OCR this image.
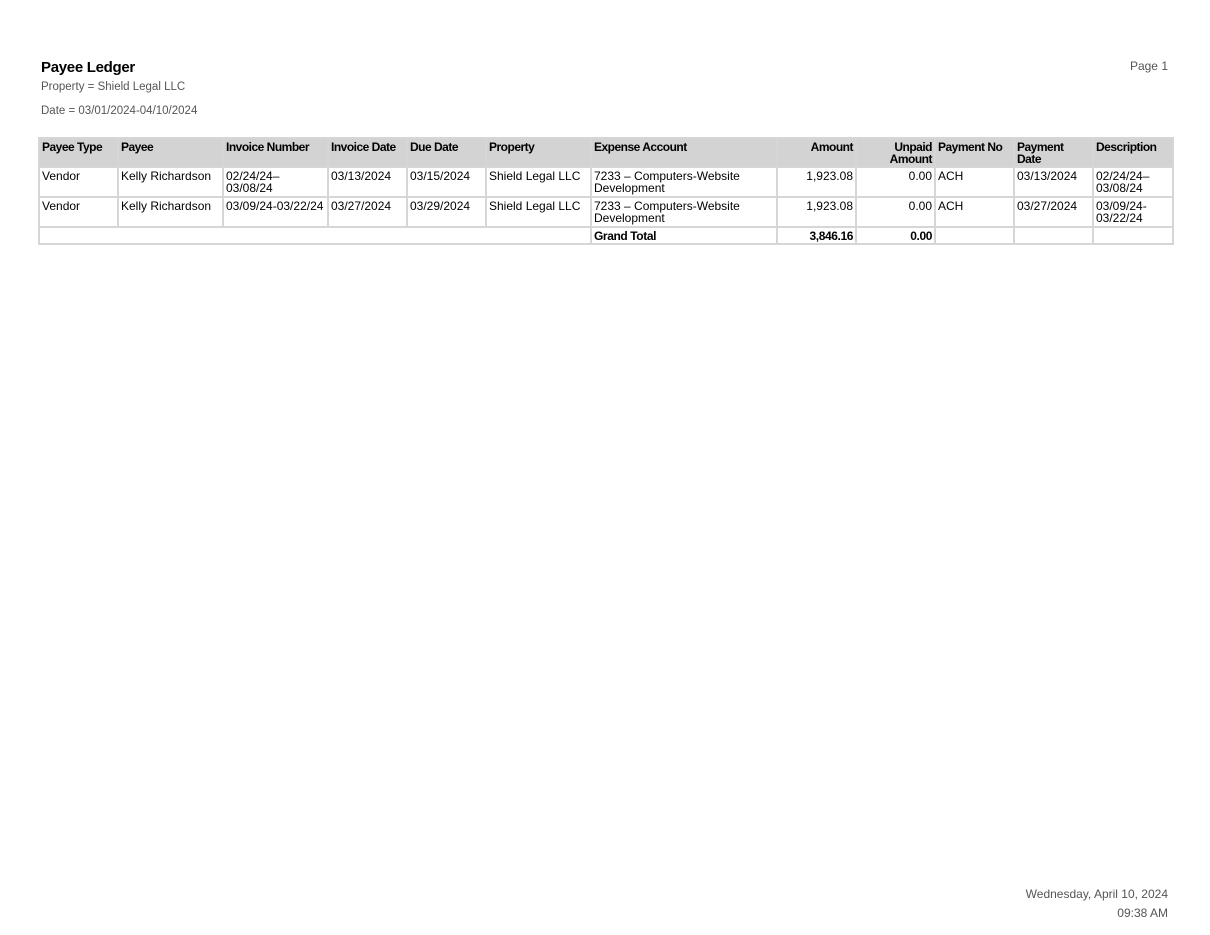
Payee Ledger	Page 1
Property = Shield Legal LLC
Date = 03/01/2024-04/10/2024
Payee Type	Payee	Invoice Number	Invoice Date	Due Date	Property	Expense Account	Amount	Unpaid Amount	Payment No	Payment Date	Description
Vendor	Kelly Richardson	02/24/24–03/08/24	03/13/2024	03/15/2024	Shield Legal LLC	7233 – Computers-Website Development	1,923.08	0.00	ACH	03/13/2024	02/24/24–03/08/24
Vendor	Kelly Richardson	03/09/24-03/22/24	03/27/2024	03/29/2024	Shield Legal LLC	7233 – Computers-Website Development	1,923.08	0.00	ACH	03/27/2024	03/09/24-03/22/24
						Grand Total	3,846.16	0.00			
Wednesday, April 10, 2024
09:38 AM
